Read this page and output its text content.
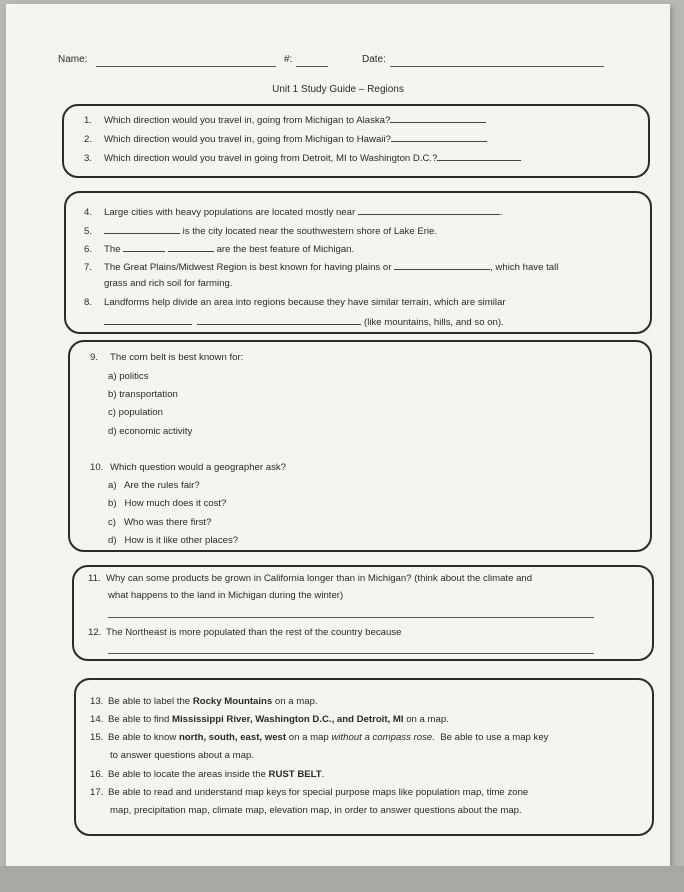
Name:	#:	Date:
Unit 1 Study Guide – Regions
1. Which direction would you travel in, going from Michigan to Alaska?
2. Which direction would you travel in, going from Michigan to Hawaii?
3. Which direction would you travel in going from Detroit, MI to Washington D.C.?
4. Large cities with heavy populations are located mostly near	.
5.	is the city located near the southwestern shore of Lake Erie.
6. The	are the best feature of Michigan.
7. The Great Plains/Midwest Region is best known for having plains or	, which have tall
grass and rich soil for farming.
8. Landforms help divide an area into regions because they have similar terrain, which are similar
(like mountains, hills, and so on).
9. The corn belt is best known for:
a) politics
b) transportation
c) population
d) economic activity
10. Which question would a geographer ask?
a)   Are the rules fair?
b)   How much does it cost?
c)   Who was there first?
d)   How is it like other places?
11. Why can some products be grown in California longer than in Michigan? (think about the climate and
what happens to the land in Michigan during the winter)
12. The Northeast is more populated than the rest of the country because
13. Be able to label the Rocky Mountains on a map.
14. Be able to find Mississippi River, Washington D.C., and Detroit, MI on a map.
15. Be able to know north, south, east, west on a map without a compass rose.  Be able to use a map key
to answer questions about a map.
16. Be able to locate the areas inside the RUST BELT.
17. Be able to read and understand map keys for special purpose maps like population map, time zone
map, precipitation map, climate map, elevation map, in order to answer questions about the map.
